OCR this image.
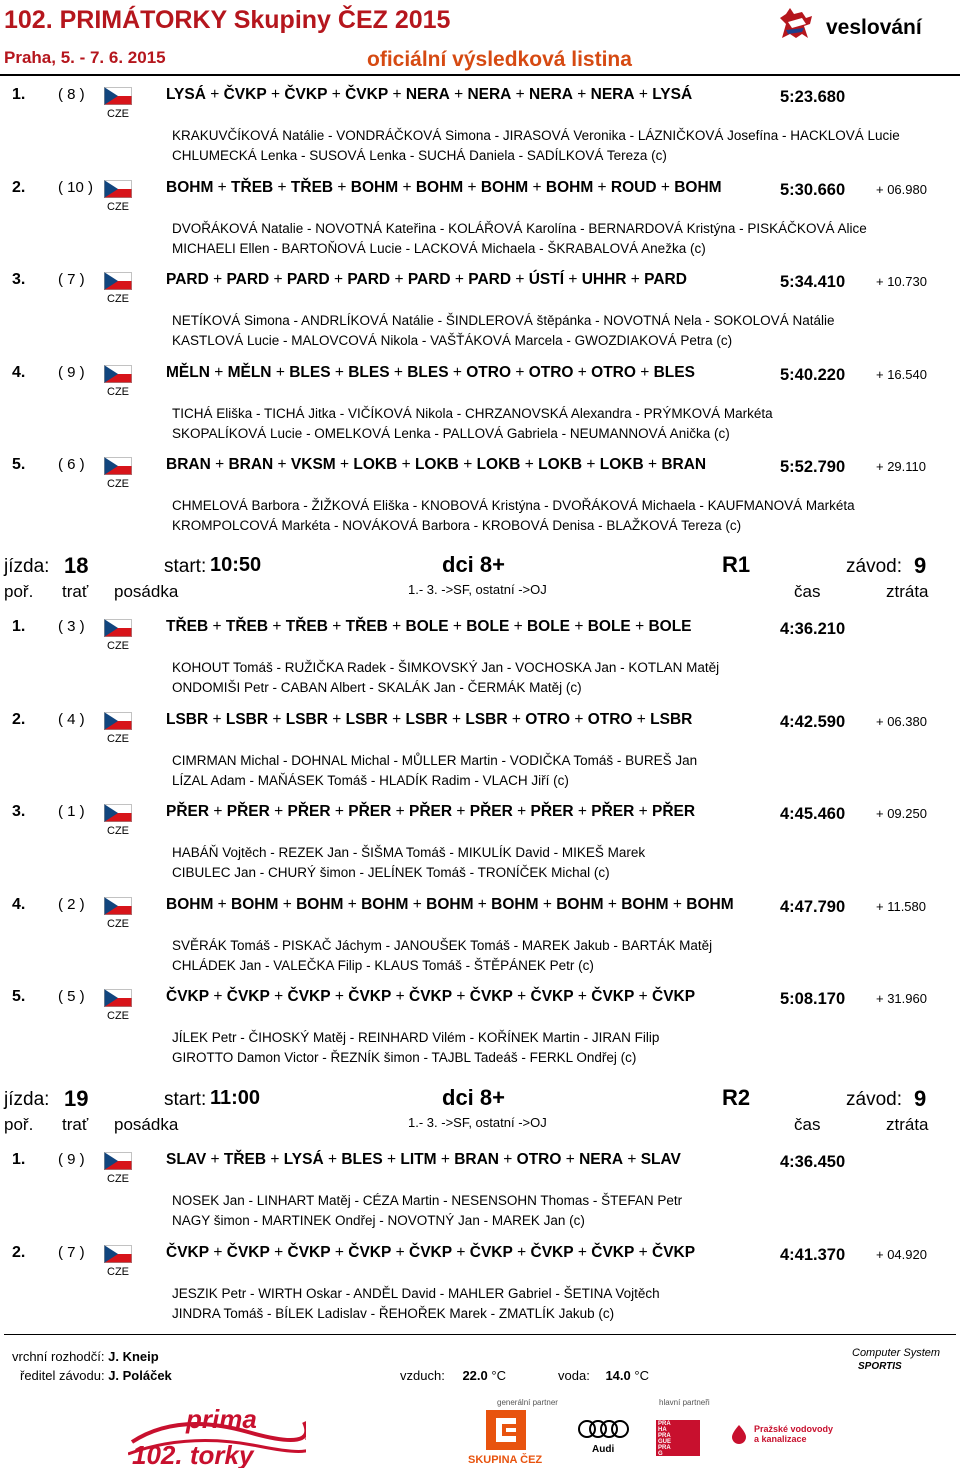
102. PRIMÁTORKY Skupiny ČEZ 2015
Praha, 5. - 7. 6. 2015	oficiální výsledková listina
veslování
1. ( 8 )
CZE
LYSÁ + ČVKP + ČVKP + ČVKP + NERA + NERA + NERA + NERA + LYSÁ	5:23.680
KRAKUVČÍKOVÁ Natálie - VONDRÁČKOVÁ Simona - JIRASOVÁ Veronika - LÁZNIČKOVÁ Josefína - HACKLOVÁ Lucie
CHLUMECKÁ Lenka - SUSOVÁ Lenka - SUCHÁ Daniela - SADÍLKOVÁ Tereza (c)
2. ( 10 )
CZE
BOHM + TŘEB + TŘEB + BOHM + BOHM + BOHM + BOHM + ROUD + BOHM	5:30.660 + 06.980
DVOŘÁKOVÁ Natalie - NOVOTNÁ Kateřina - KOLÁŘOVÁ Karolína - BERNARDOVÁ Kristýna - PISKÁČKOVÁ Alice
MICHAELI Ellen - BARTOŇOVÁ Lucie - LACKOVÁ Michaela - ŠKRABALOVÁ Anežka (c)
3. ( 7 )
CZE
PARD + PARD + PARD + PARD + PARD + PARD + ÚSTÍ + UHHR + PARD	5:34.410 + 10.730
NETÍKOVÁ Simona - ANDRLÍKOVÁ Natálie - ŠINDLEROVÁ štěpánka - NOVOTNÁ Nela - SOKOLOVÁ Natálie
KASTLOVÁ Lucie - MALOVCOVÁ Nikola - VAŠŤÁKOVÁ Marcela - GWOZDIAKOVÁ Petra (c)
4. ( 9 )
CZE
MĚLN + MĚLN + BLES + BLES + BLES + OTRO + OTRO + OTRO + BLES	5:40.220 + 16.540
TICHÁ Eliška - TICHÁ Jitka - VIČÍKOVÁ Nikola - CHRZANOVSKÁ Alexandra - PRÝMKOVÁ Markéta
SKOPALÍKOVÁ Lucie - OMELKOVÁ Lenka - PALLOVÁ Gabriela - NEUMANNOVÁ Anička (c)
5. ( 6 )
CZE
BRAN + BRAN + VKSM + LOKB + LOKB + LOKB + LOKB + LOKB + BRAN	5:52.790 + 29.110
CHMELOVÁ Barbora - ŽIŽKOVÁ Eliška - KNOBOVÁ Kristýna - DVOŘÁKOVÁ Michaela - KAUFMANOVÁ Markéta
KROMPOLCOVÁ Markéta - NOVÁKOVÁ Barbora - KROBOVÁ Denisa - BLAŽKOVÁ Tereza (c)
jízda: 18	start: 10:50	dci 8+	R1	závod: 9
poř. trať posádka	1.- 3. ->SF, ostatní ->OJ	čas	ztráta
1. ( 3 )
CZE
TŘEB + TŘEB + TŘEB + TŘEB + BOLE + BOLE + BOLE + BOLE + BOLE	4:36.210
KOHOUT Tomáš - RUŽIČKA Radek - ŠIMKOVSKÝ Jan - VOCHOSKA Jan - KOTLAN Matěj
ONDOMIŠI Petr - CABAN Albert - SKALÁK Jan - ČERMÁK Matěj (c)
2. ( 4 )
CZE
LSBR + LSBR + LSBR + LSBR + LSBR + LSBR + OTRO + OTRO + LSBR	4:42.590 + 06.380
CIMRMAN Michal - DOHNAL Michal - MŮLLER Martin - VODIČKA Tomáš - BUREŠ Jan
LÍZAL Adam - MAŇÁSEK Tomáš - HLADÍK Radim - VLACH Jiří (c)
3. ( 1 )
CZE
PŘER + PŘER + PŘER + PŘER + PŘER + PŘER + PŘER + PŘER + PŘER	4:45.460 + 09.250
HABÁŇ Vojtěch - REZEK Jan - ŠIŠMA Tomáš - MIKULÍK David - MIKEŠ Marek
CIBULEC Jan - CHURÝ šimon - JELÍNEK Tomáš - TRONÍČEK Michal (c)
4. ( 2 )
CZE
BOHM + BOHM + BOHM + BOHM + BOHM + BOHM + BOHM + BOHM + BOHM	4:47.790 + 11.580
SVĚRÁK Tomáš - PISKAČ Jáchym - JANOUŠEK Tomáš - MAREK Jakub - BARTÁK Matěj
CHLÁDEK Jan - VALEČKA Filip - KLAUS Tomáš - ŠTĚPÁNEK Petr (c)
5. ( 5 )
CZE
ČVKP + ČVKP + ČVKP + ČVKP + ČVKP + ČVKP + ČVKP + ČVKP + ČVKP	5:08.170 + 31.960
JÍLEK Petr - ČIHOSKÝ Matěj - REINHARD Vilém - KOŘÍNEK Martin - JIRAN Filip
GIROTTO Damon Victor - ŘEZNÍK šimon - TAJBL Tadeáš - FERKL Ondřej (c)
jízda: 19	start: 11:00	dci 8+	R2	závod: 9
poř. trať posádka	1.- 3. ->SF, ostatní ->OJ	čas	ztráta
1. ( 9 )
CZE
SLAV + TŘEB + LYSÁ + BLES + LITM + BRAN + OTRO + NERA + SLAV	4:36.450
NOSEK Jan - LINHART Matěj - CÉZA Martin - NESENSOHN Thomas - ŠTEFAN Petr
NAGY šimon - MARTINEK Ondřej - NOVOTNÝ Jan - MAREK Jan (c)
2. ( 7 )
CZE
ČVKP + ČVKP + ČVKP + ČVKP + ČVKP + ČVKP + ČVKP + ČVKP + ČVKP	4:41.370 + 04.920
JESZIK Petr - WIRTH Oskar - ANDĚL David - MAHLER Gabriel - ŠETINA Vojtěch
JINDRA Tomáš - BÍLEK Ladislav - ŘEHOŘEK Marek - ZMATLÍK Jakub (c)
vrchní rozhodčí: J. Kneip
ředitel závodu: J. Poláček	vzduch: 22.0 °C	voda: 14.0 °C
Computer System
SPORTIS
generální partner	hlavní partneři
prima
102. torky	SKUPINA ČEZ
Audi
PRA
HA
PRA
GUE
PRA
G
Pražské vodovody a kanalizace
